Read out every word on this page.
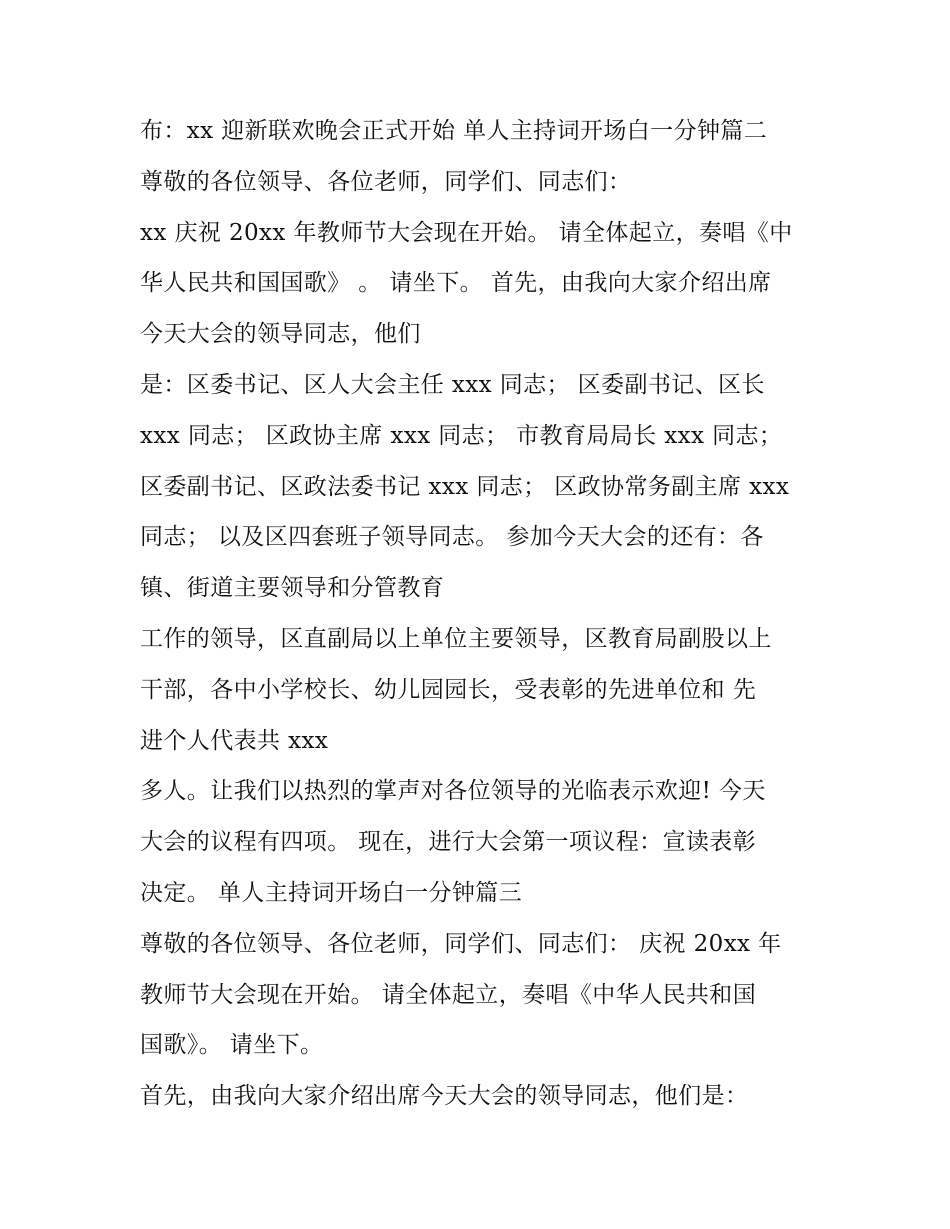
布：xx 迎新联欢晚会正式开始 单人主持词开场白一分钟篇二
尊敬的各位领导、各位老师，同学们、同志们：
xx 庆祝 20xx 年教师节大会现在开始。 请全体起立，奏唱《中
华人民共和国国歌》 。 请坐下。 首先，由我向大家介绍出席
今天大会的领导同志，他们
是：区委书记、区人大会主任 xxx 同志； 区委副书记、区长
xxx 同志； 区政协主席 xxx 同志； 市教育局局长 xxx 同志；
区委副书记、区政法委书记 xxx 同志； 区政协常务副主席 xxx
同志； 以及区四套班子领导同志。 参加今天大会的还有：各
镇、街道主要领导和分管教育
工作的领导，区直副局以上单位主要领导，区教育局副股以上
干部，各中小学校长、幼儿园园长，受表彰的先进单位和 先
进个人代表共 xxx
多人。让我们以热烈的掌声对各位领导的光临表示欢迎! 今天
大会的议程有四项。 现在，进行大会第一项议程：宣读表彰
决定。 单人主持词开场白一分钟篇三
尊敬的各位领导、各位老师，同学们、同志们： 庆祝 20xx 年
教师节大会现在开始。 请全体起立，奏唱《中华人民共和国
国歌》。 请坐下。
首先，由我向大家介绍出席今天大会的领导同志，他们是：
